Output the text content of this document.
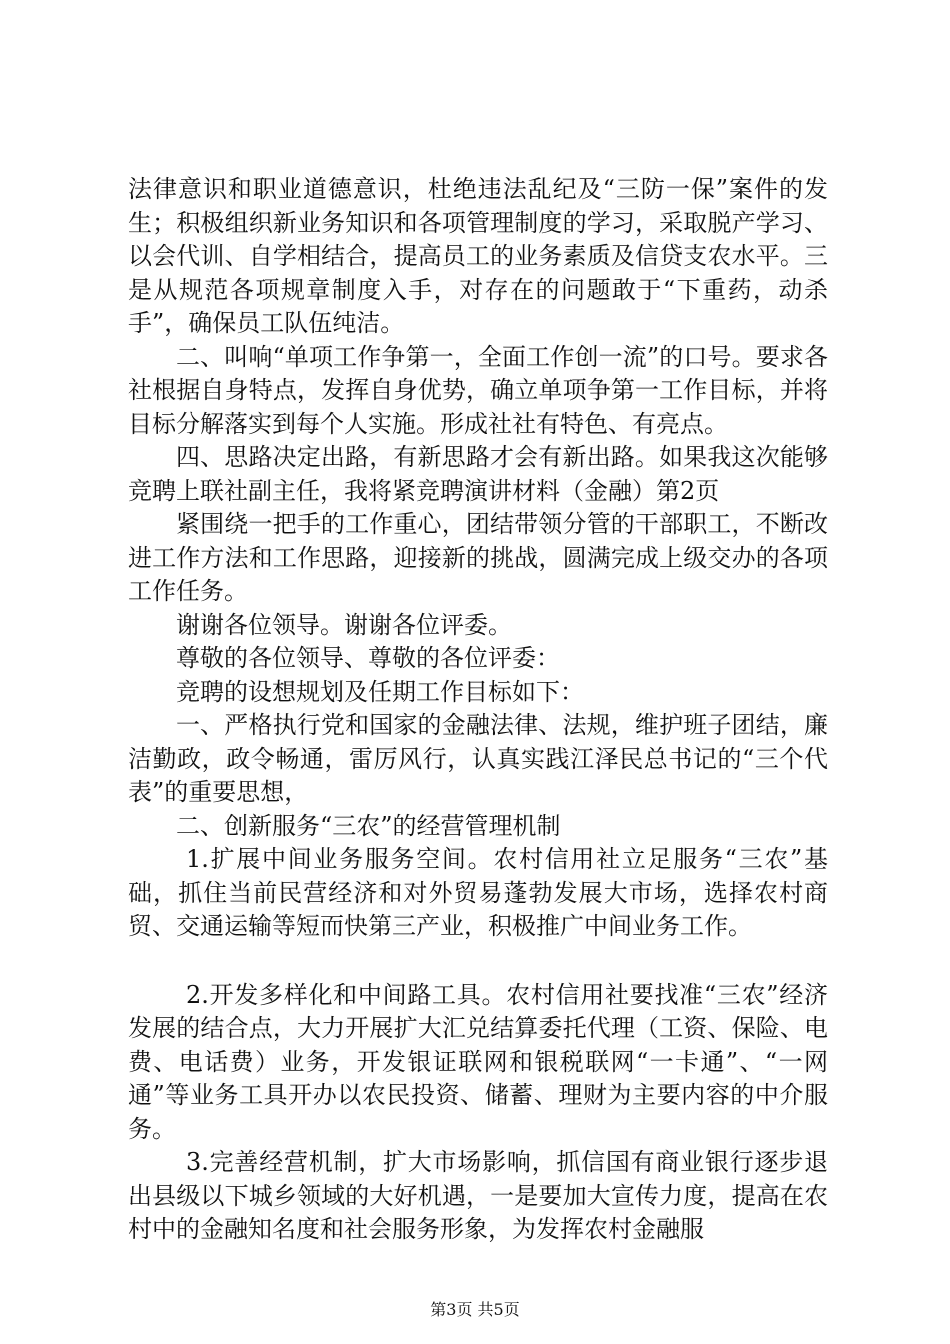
法律意识和职业道德意识，杜绝违法乱纪及“三防一保”案件的发生；积极组织新业务知识和各项管理制度的学习，采取脱产学习、以会代训、自学相结合，提高员工的业务素质及信贷支农水平。三是从规范各项规章制度入手，对存在的问题敢于“下重药，动杀手”，确保员工队伍纯洁。

二、叫响“单项工作争第一，全面工作创一流”的口号。要求各社根据自身特点，发挥自身优势，确立单项争第一工作目标，并将目标分解落实到每个人实施。形成社社有特色、有亮点。

四、思路决定出路，有新思路才会有新出路。如果我这次能够竞聘上联社副主任，我将紧竞聘演讲材料（金融）第2页

紧围绕一把手的工作重心，团结带领分管的干部职工，不断改进工作方法和工作思路，迎接新的挑战，圆满完成上级交办的各项工作任务。

谢谢各位领导。谢谢各位评委。

尊敬的各位领导、尊敬的各位评委：

竞聘的设想规划及任期工作目标如下：

一、严格执行党和国家的金融法律、法规，维护班子团结，廉洁勤政，政令畅通，雷厉风行，认真实践江泽民总书记的“三个代表”的重要思想，

二、创新服务“三农”的经营管理机制

1.扩展中间业务服务空间。农村信用社立足服务“三农”基础，抓住当前民营经济和对外贸易蓬勃发展大市场，选择农村商贸、交通运输等短而快第三产业，积极推广中间业务工作。

2.开发多样化和中间路工具。农村信用社要找准“三农”经济发展的结合点，大力开展扩大汇兑结算委托代理（工资、保险、电费、电话费）业务，开发银证联网和银税联网“一卡通”、“一网通”等业务工具开办以农民投资、储蓄、理财为主要内容的中介服务。

3.完善经营机制，扩大市场影响，抓信国有商业银行逐步退出县级以下城乡领域的大好机遇，一是要加大宣传力度，提高在农村中的金融知名度和社会服务形象，为发挥农村金融服

第3页 共5页
